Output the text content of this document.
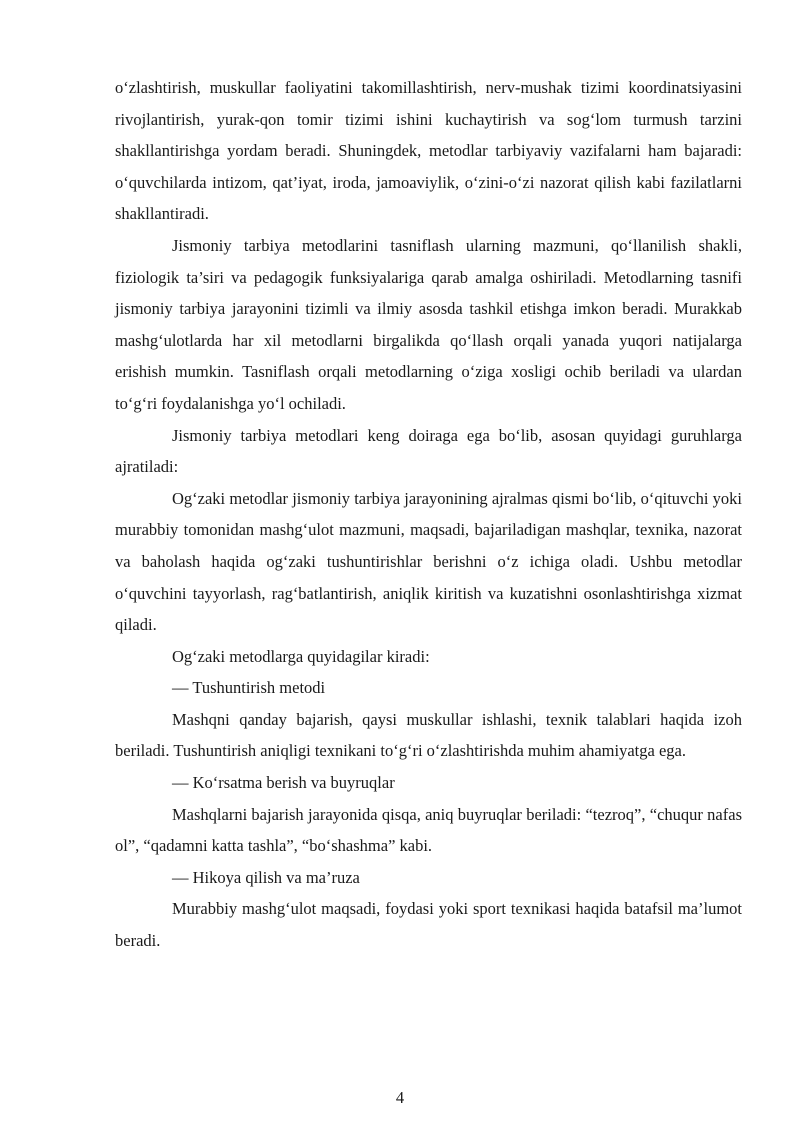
o‘zlashtirish, muskullar faoliyatini takomillashtirish, nerv-mushak tizimi koordinatsiyasini rivojlantirish, yurak-qon tomir tizimi ishini kuchaytirish va sog‘lom turmush tarzini shakllantirishga yordam beradi. Shuningdek, metodlar tarbiyaviy vazifalarni ham bajaradi: o‘quvchilarda intizom, qat’iyat, iroda, jamoaviylik, o‘zini-o‘zi nazorat qilish kabi fazilatlarni shakllantiradi.

Jismoniy tarbiya metodlarini tasniflash ularning mazmuni, qo‘llanilish shakli, fiziologik ta’siri va pedagogik funksiyalariga qarab amalga oshiriladi. Metodlarning tasnifi jismoniy tarbiya jarayonini tizimli va ilmiy asosda tashkil etishga imkon beradi. Murakkab mashg‘ulotlarda har xil metodlarni birgalikda qo‘llash orqali yanada yuqori natijalarga erishish mumkin. Tasniflash orqali metodlarning o‘ziga xosligi ochib beriladi va ulardan to‘g‘ri foydalanishga yo‘l ochiladi.

Jismoniy tarbiya metodlari keng doiraga ega bo‘lib, asosan quyidagi guruhlarga ajratiladi:

Og‘zaki metodlar jismoniy tarbiya jarayonining ajralmas qismi bo‘lib, o‘qituvchi yoki murabbiy tomonidan mashg‘ulot mazmuni, maqsadi, bajariladigan mashqlar, texnika, nazorat va baholash haqida og‘zaki tushuntirishlar berishni o‘z ichiga oladi. Ushbu metodlar o‘quvchini tayyorlash, rag‘batlantirish, aniqlik kiritish va kuzatishni osonlashtirishga xizmat qiladi.

Og‘zaki metodlarga quyidagilar kiradi:

— Tushuntirish metodi

Mashqni qanday bajarish, qaysi muskullar ishlashi, texnik talablari haqida izoh beriladi. Tushuntirish aniqligi texnikani to‘g‘ri o‘zlashtirishda muhim ahamiyatga ega.

— Ko‘rsatma berish va buyruqlar

Mashqlarni bajarish jarayonida qisqa, aniq buyruqlar beriladi: “tezroq”, “chuqur nafas ol”, “qadamni katta tashla”, “bo‘shashma” kabi.

— Hikoya qilish va ma’ruza

Murabbiy mashg‘ulot maqsadi, foydasi yoki sport texnikasi haqida batafsil ma’lumot beradi.

4
